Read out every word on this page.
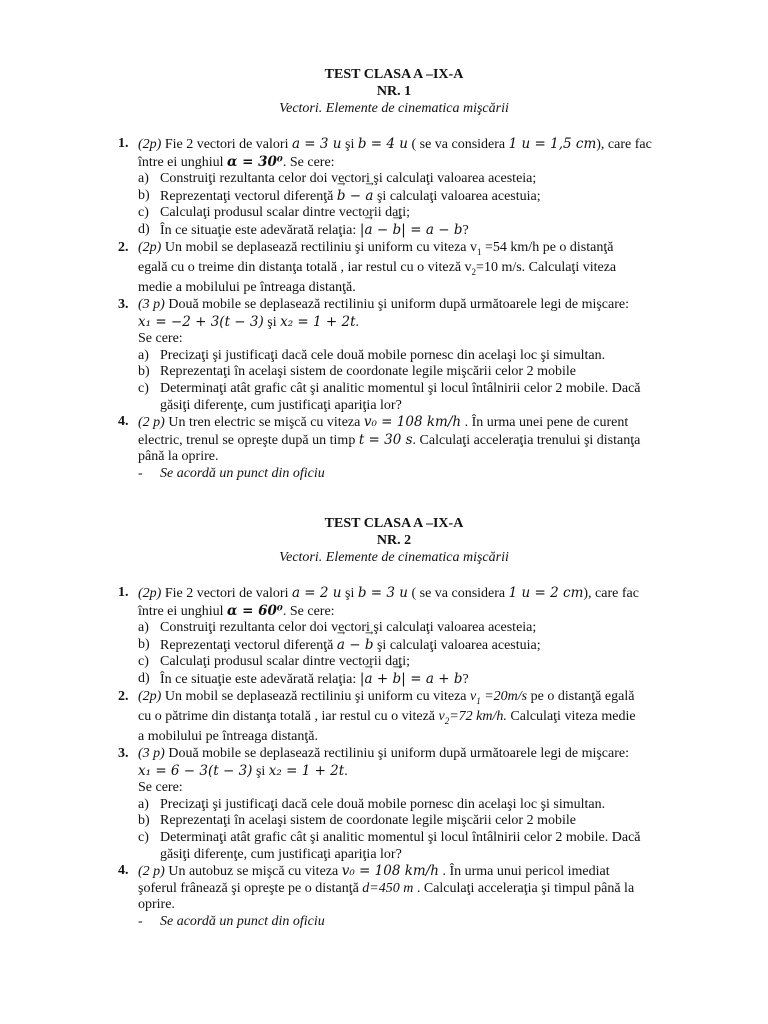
TEST CLASA A –IX-A
NR. 1
Vectori. Elemente de cinematica mişcării
1. (2p) Fie 2 vectori de valori a = 3 u şi b = 4 u ( se va considera 1 u = 1,5 cm), care fac
între ei unghiul α = 30⁰. Se cere:
a) Construiţi rezultanta celor doi vectori şi calculaţi valoarea acesteia;
b) Reprezentaţi vectorul diferenţă → b − → a şi calculaţi valoarea acestuia;
c) Calculaţi produsul scalar dintre vectorii daţi;
d) În ce situaţie este adevărată relaţia: |→ a − → b| = a − b?
2. (2p) Un mobil se deplasează rectiliniu şi uniform cu viteza $v_1 =54$ km/h pe o distanţă
egală cu o treime din distanţa totală , iar restul cu o viteză $v_2=10$ m/s. Calculaţi viteza
medie a mobilului pe întreaga distanţă.
3. (3 p) Două mobile se deplasează rectiliniu şi uniform după următoarele legi de mişcare:
x₁ = −2 + 3(t − 3) şi x₂ = 1 + 2t.
Se cere:
a) Precizaţi şi justificaţi dacă cele două mobile pornesc din acelaşi loc şi simultan.
b) Reprezentaţi în acelaşi sistem de coordonate legile mişcării celor 2 mobile
c) Determinaţi atât grafic cât şi analitic momentul şi locul întâlnirii celor 2 mobile. Dacă
găsiţi diferenţe, cum justificaţi apariţia lor?
4. (2 p) Un tren electric se mişcă cu viteza v₀ = 108 km/h . În urma unei pene de curent
electric, trenul se opreşte după un timp t = 30 s. Calculaţi acceleraţia trenului şi distanţa
până la oprire.
- Se acordă un punct din oficiu
TEST CLASA A –IX-A
NR. 2
Vectori. Elemente de cinematica mişcării
1. (2p) Fie 2 vectori de valori a = 2 u şi b = 3 u ( se va considera 1 u = 2 cm), care fac
între ei unghiul α = 60⁰. Se cere:
a) Construiţi rezultanta celor doi vectori şi calculaţi valoarea acesteia;
b) Reprezentaţi vectorul diferenţă → a − → b şi calculaţi valoarea acestuia;
c) Calculaţi produsul scalar dintre vectorii daţi;
d) În ce situaţie este adevărată relaţia: |→ a + → b| = a + b?
2. (2p) Un mobil se deplasează rectiliniu şi uniform cu viteza $v_1 =20m/s$ pe o distanţă egală
cu o pătrime din distanţa totală , iar restul cu o viteză $v_2=72$ km/h. Calculaţi viteza medie
a mobilului pe întreaga distanţă.
3. (3 p) Două mobile se deplasează rectiliniu şi uniform după următoarele legi de mişcare:
x₁ = 6 − 3(t − 3) şi x₂ = 1 + 2t.
Se cere:
a) Precizaţi şi justificaţi dacă cele două mobile pornesc din acelaşi loc şi simultan.
b) Reprezentaţi în acelaşi sistem de coordonate legile mişcării celor 2 mobile
c) Determinaţi atât grafic cât şi analitic momentul şi locul întâlnirii celor 2 mobile. Dacă
găsiţi diferenţe, cum justificaţi apariţia lor?
4. (2 p) Un autobuz se mişcă cu viteza v₀ = 108 km/h . În urma unui pericol imediat
şoferul frânează şi opreşte pe o distanţă d=450 m . Calculaţi acceleraţia şi timpul până la
oprire.
- Se acordă un punct din oficiu
